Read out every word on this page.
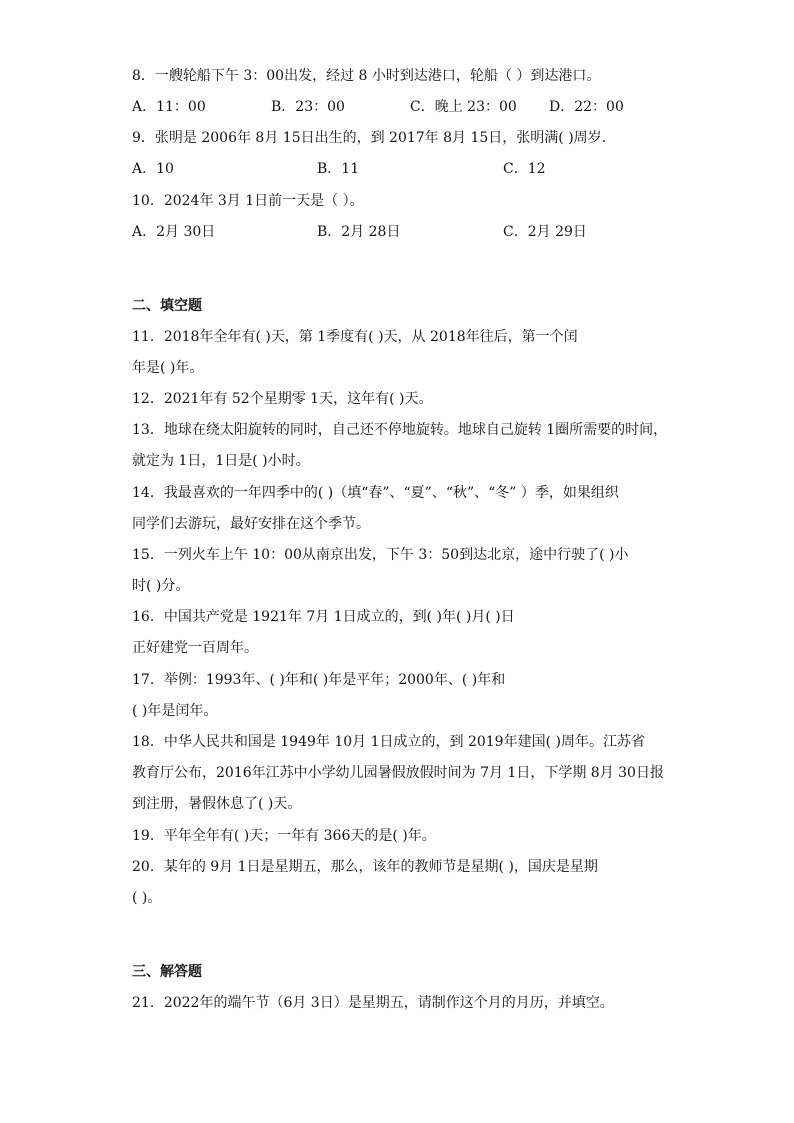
8．一艘轮船下午 3：00出发，经过 8 小时到达港口，轮船（ ）到达港口。
A．11：00	B．23：00	C．晚上 23：00 D．22：00
9．张明是 2006年 8月 15日出生的，到 2017年 8月 15日，张明满( )周岁．
A．10	B．11	C．12
10．2024年 3月 1日前一天是（ ）。
A．2月 30日	B．2月 28日	C．2月 29日
二、填空题
11．2018年全年有( )天，第 1季度有( )天，从 2018年往后，第一个闰
年是( )年。
12．2021年有 52个星期零 1天，这年有( )天。
13．地球在绕太阳旋转的同时，自己还不停地旋转。地球自己旋转 1圈所需要的时间，
就定为 1日，1日是( )小时。
14．我最喜欢的一年四季中的( )（填“春”、“夏”、“秋”、“冬” ）季，如果组织
同学们去游玩，最好安排在这个季节。
15．一列火车上午 10：00从南京出发，下午 3：50到达北京，途中行驶了( )小
时( )分。
16．中国共产党是 1921年 7月 1日成立的，到( )年( )月( )日
正好建党一百周年。
17．举例：1993年、( )年和( )年是平年；2000年、( )年和
( )年是闰年。
18．中华人民共和国是 1949年 10月 1日成立的，到 2019年建国( )周年。江苏省
教育厅公布，2016年江苏中小学幼儿园暑假放假时间为 7月 1日，下学期 8月 30日报
到注册，暑假休息了( )天。
19．平年全年有( )天；一年有 366天的是( )年。
20．某年的 9月 1日是星期五，那么，该年的教师节是星期( )，国庆是星期
( )。
三、解答题
21．2022年的端午节（6月 3日）是星期五，请制作这个月的月历，并填空。
